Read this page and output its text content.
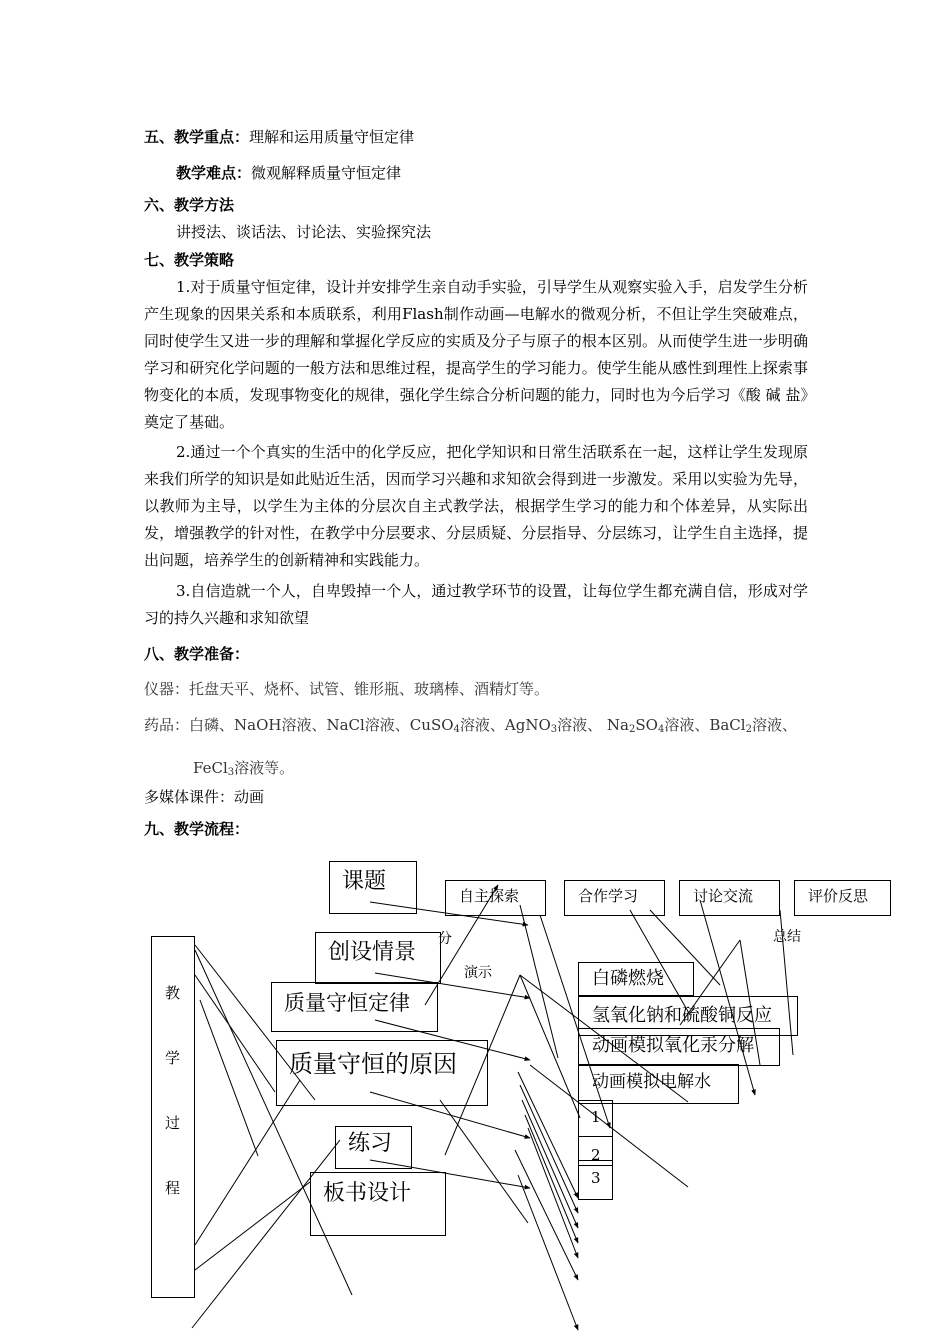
五、教学重点：理解和运用质量守恒定律
教学难点：微观解释质量守恒定律
六、教学方法
讲授法、谈话法、讨论法、实验探究法
七、教学策略
1.对于质量守恒定律，设计并安排学生亲自动手实验，引导学生从观察实验入手，启发学生分析产生现象的因果关系和本质联系，利用Flash制作动画—电解水的微观分析，不但让学生突破难点，同时使学生又进一步的理解和掌握化学反应的实质及分子与原子的根本区别。从而使学生进一步明确学习和研究化学问题的一般方法和思维过程，提高学生的学习能力。使学生能从感性到理性上探索事物变化的本质，发现事物变化的规律，强化学生综合分析问题的能力，同时也为今后学习《酸 碱 盐》奠定了基础。
2.通过一个个真实的生活中的化学反应，把化学知识和日常生活联系在一起，这样让学生发现原来我们所学的知识是如此贴近生活，因而学习兴趣和求知欲会得到进一步激发。采用以实验为先导，以教师为主导，以学生为主体的分层次自主式教学法，根据学生学习的能力和个体差异，从实际出发，增强教学的针对性，在教学中分层要求、分层质疑、分层指导、分层练习，让学生自主选择，提出问题，培养学生的创新精神和实践能力。
3.自信造就一个人，自卑毁掉一个人，通过教学环节的设置，让每位学生都充满自信，形成对学习的持久兴趣和求知欲望
八、教学准备：
仪器：托盘天平、烧杯、试管、锥形瓶、玻璃棒、酒精灯等。
药品：白磷、NaOH溶液、NaCl溶液、CuSO$_4$溶液、AgNO$_3$溶液、 $Na_2SO_4$溶液、BaCl$_2$溶液、
FeCl$_3$溶液等。
多媒体课件：动画
九、教学流程：
教
学
过
程
课题
创设情景
质量守恒定律
质量守恒的原因
练习
板书设计
自主探索	合作学习	讨论交流	评价反思
分
演示
总结
白磷燃烧
氢氧化钠和硫酸铜反应
动画模拟氧化汞分解
动画模拟电解水
1
2
3
